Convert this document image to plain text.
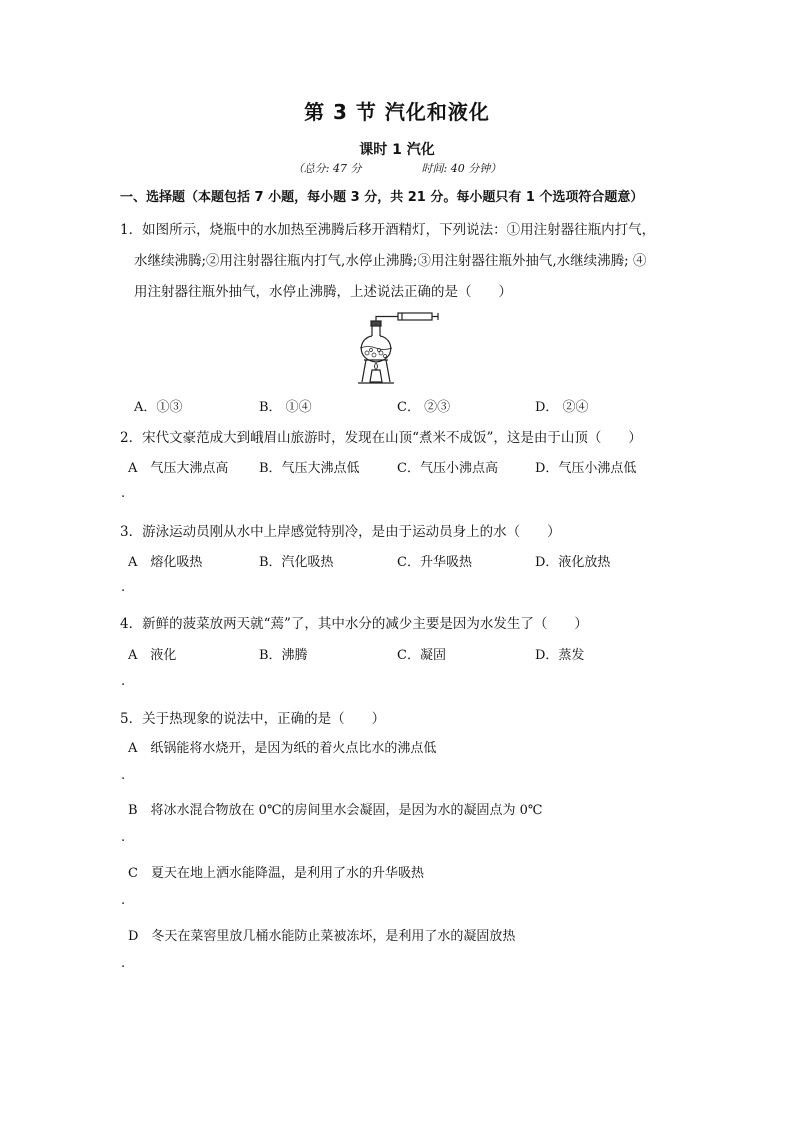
第 3 节 汽化和液化
课时 1 汽化
（总分: 47 分	时间: 40 分钟）
一、选择题（本题包括 7 小题，每小题 3 分，共 21 分。每小题只有 1 个选项符合题意）
1．如图所示，烧瓶中的水加热至沸腾后移开酒精灯，下列说法：①用注射器往瓶内打气，
水继续沸腾;②用注射器往瓶内打气,水停止沸腾;③用注射器往瓶外抽气,水继续沸腾; ④
用注射器往瓶外抽气，水停止沸腾，上述说法正确的是（　　）
A．①③	B． ①④	C． ②③	D． ②④
2．宋代文豪范成大到峨眉山旅游时，发现在山顶“煮米不成饭”，这是由于山顶（　　）
A　气压大沸点高 B．气压大沸点低	C．气压小沸点高	D．气压小沸点低
.
3．游泳运动员刚从水中上岸感觉特别冷，是由于运动员身上的水（　　）
A　熔化吸热	B．汽化吸热	C．升华吸热	D．液化放热
.
4．新鲜的菠菜放两天就“蔫”了，其中水分的减少主要是因为水发生了（　　）
A　液化	B．沸腾	C．凝固	D．蒸发
.
5．关于热现象的说法中，正确的是（　　）
A　纸锅能将水烧开，是因为纸的着火点比水的沸点低
.
B　将冰水混合物放在 0℃的房间里水会凝固，是因为水的凝固点为 0℃
.
C　夏天在地上洒水能降温，是利用了水的升华吸热
.
D　冬天在菜窖里放几桶水能防止菜被冻坏，是利用了水的凝固放热
.
